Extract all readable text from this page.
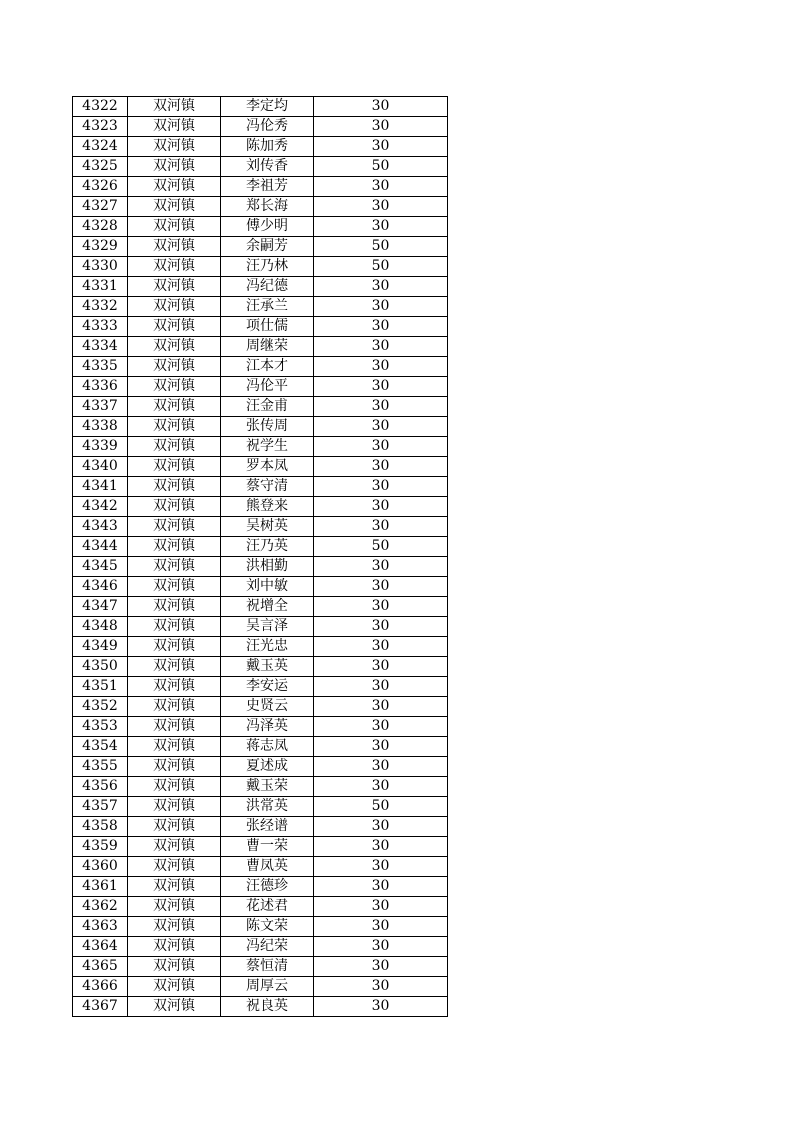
4322	双河镇	李定均	30
4323	双河镇	冯伦秀	30
4324	双河镇	陈加秀	30
4325	双河镇	刘传香	50
4326	双河镇	李祖芳	30
4327	双河镇	郑长海	30
4328	双河镇	傅少明	30
4329	双河镇	余嗣芳	50
4330	双河镇	汪乃林	50
4331	双河镇	冯纪德	30
4332	双河镇	汪承兰	30
4333	双河镇	项仕儒	30
4334	双河镇	周继荣	30
4335	双河镇	江本才	30
4336	双河镇	冯伦平	30
4337	双河镇	汪金甫	30
4338	双河镇	张传周	30
4339	双河镇	祝学生	30
4340	双河镇	罗本凤	30
4341	双河镇	蔡守清	30
4342	双河镇	熊登来	30
4343	双河镇	吴树英	30
4344	双河镇	汪乃英	50
4345	双河镇	洪相勤	30
4346	双河镇	刘中敏	30
4347	双河镇	祝增全	30
4348	双河镇	吴言泽	30
4349	双河镇	汪光忠	30
4350	双河镇	戴玉英	30
4351	双河镇	李安运	30
4352	双河镇	史贤云	30
4353	双河镇	冯泽英	30
4354	双河镇	蒋志凤	30
4355	双河镇	夏述成	30
4356	双河镇	戴玉荣	30
4357	双河镇	洪常英	50
4358	双河镇	张经谱	30
4359	双河镇	曹一荣	30
4360	双河镇	曹凤英	30
4361	双河镇	汪德珍	30
4362	双河镇	花述君	30
4363	双河镇	陈文荣	30
4364	双河镇	冯纪荣	30
4365	双河镇	蔡恒清	30
4366	双河镇	周厚云	30
4367	双河镇	祝良英	30
